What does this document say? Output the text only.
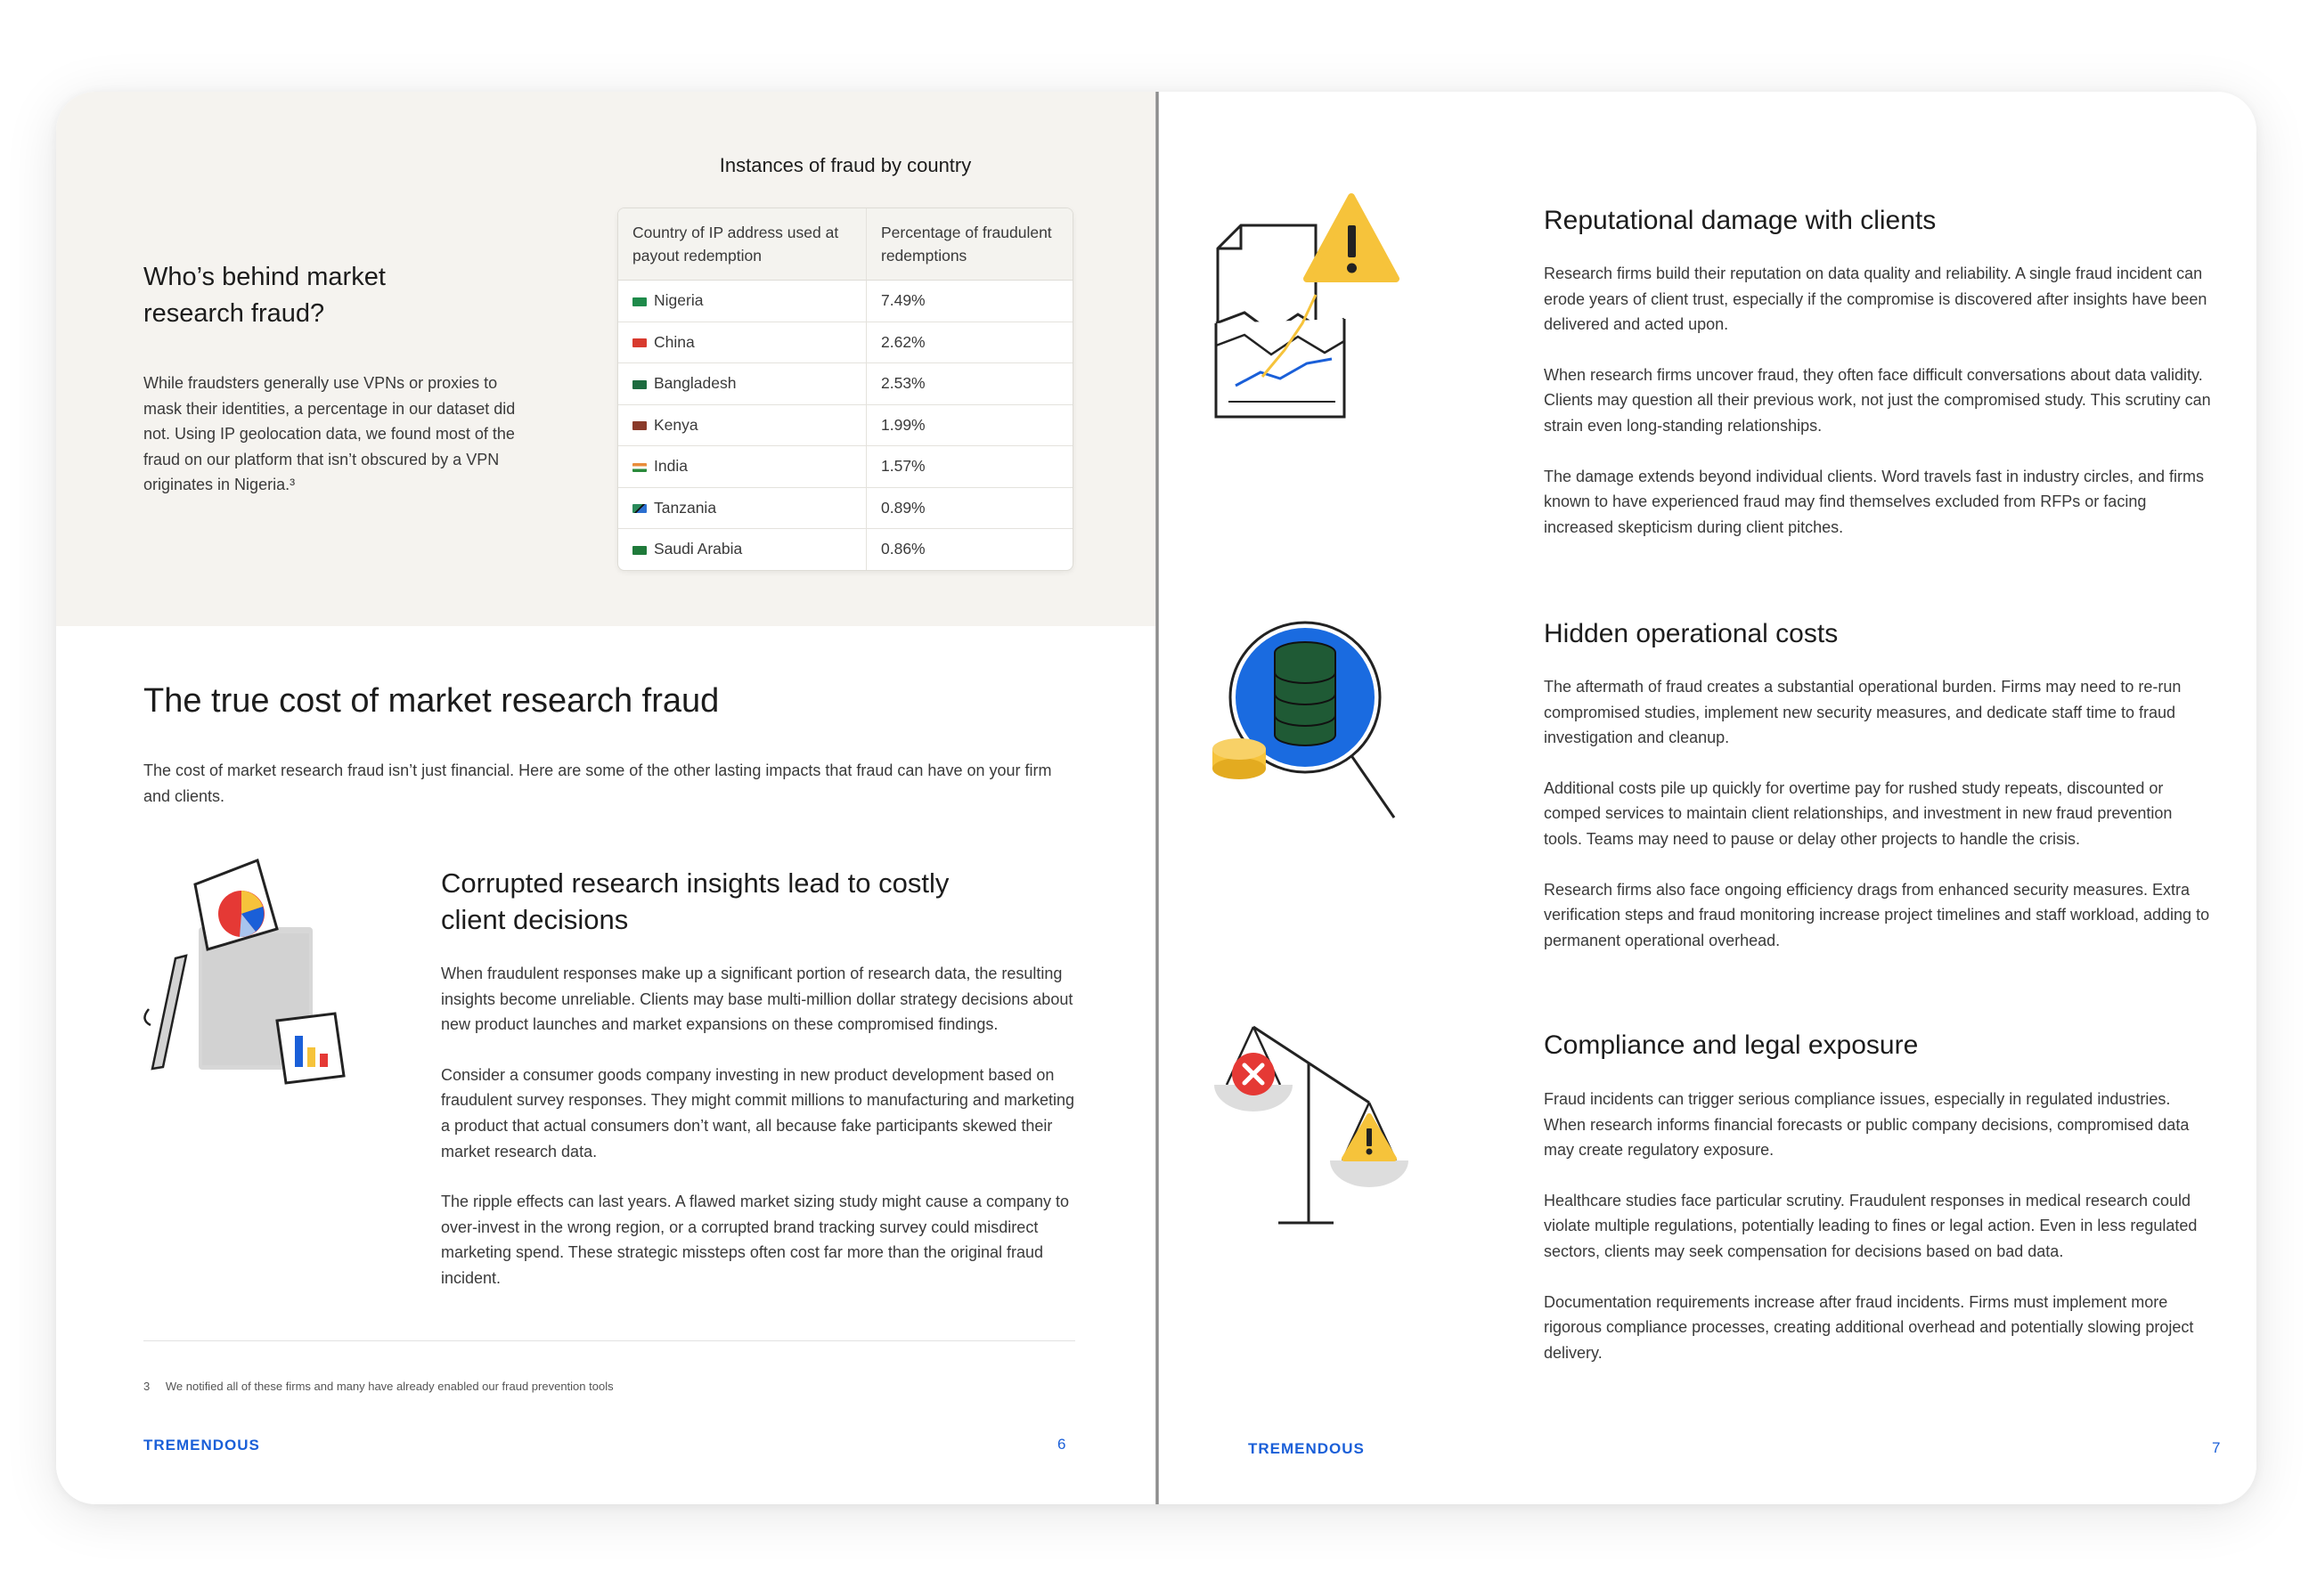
Who’s behind market research fraud?
While fraudsters generally use VPNs or proxies to mask their identities, a percentage in our dataset did not. Using IP geolocation data, we found most of the fraud on our platform that isn’t obscured by a VPN originates in Nigeria.³
Instances of fraud by country
Country of IP address used at payout redemption	Percentage of fraudulent redemptions
Nigeria	7.49%
China	2.62%
Bangladesh	2.53%
Kenya	1.99%
India	1.57%
Tanzania	0.89%
Saudi Arabia	0.86%
The true cost of market research fraud
The cost of market research fraud isn’t just financial. Here are some of the other lasting impacts that fraud can have on your firm and clients.
Corrupted research insights lead to costly client decisions

When fraudulent responses make up a significant portion of research data, the resulting insights become unreliable. Clients may base multi-million dollar strategy decisions about new product launches and market expansions on these compromised findings.

Consider a consumer goods company investing in new product development based on fraudulent survey responses. They might commit millions to manufacturing and marketing a product that actual consumers don’t want, all because fake participants skewed their market research data.

The ripple effects can last years. A flawed market sizing study might cause a company to over-invest in the wrong region, or a corrupted brand tracking survey could misdirect marketing spend. These strategic missteps often cost far more than the original fraud incident.

3 We notified all of these firms and many have already enabled our fraud prevention tools
TREMENDOUS	6
Reputational damage with clients

Research firms build their reputation on data quality and reliability. A single fraud incident can erode years of client trust, especially if the compromise is discovered after insights have been delivered and acted upon.

When research firms uncover fraud, they often face difficult conversations about data validity. Clients may question all their previous work, not just the compromised study. This scrutiny can strain even long-standing relationships.

The damage extends beyond individual clients. Word travels fast in industry circles, and firms known to have experienced fraud may find themselves excluded from RFPs or facing increased skepticism during client pitches.

Hidden operational costs

The aftermath of fraud creates a substantial operational burden. Firms may need to re-run compromised studies, implement new security measures, and dedicate staff time to fraud investigation and cleanup.

Additional costs pile up quickly for overtime pay for rushed study repeats, discounted or comped services to maintain client relationships, and investment in new fraud prevention tools. Teams may need to pause or delay other projects to handle the crisis.

Research firms also face ongoing efficiency drags from enhanced security measures. Extra verification steps and fraud monitoring increase project timelines and staff workload, adding to permanent operational overhead.

Compliance and legal exposure

Fraud incidents can trigger serious compliance issues, especially in regulated industries. When research informs financial forecasts or public company decisions, compromised data may create regulatory exposure.

Healthcare studies face particular scrutiny. Fraudulent responses in medical research could violate multiple regulations, potentially leading to fines or legal action. Even in less regulated sectors, clients may seek compensation for decisions based on bad data.

Documentation requirements increase after fraud incidents. Firms must implement more rigorous compliance processes, creating additional overhead and potentially slowing project delivery.

TREMENDOUS	7
